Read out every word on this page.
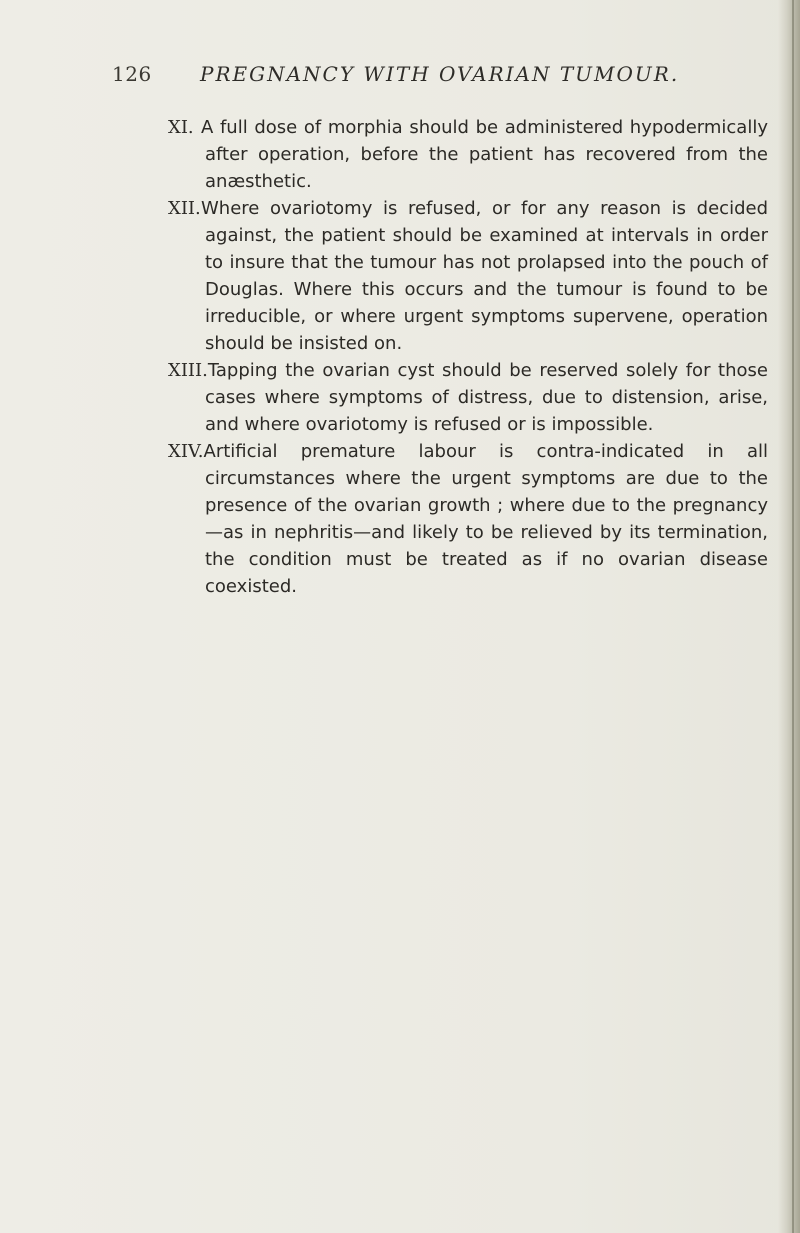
126 PREGNANCY WITH OVARIAN TUMOUR.

XI. A full dose of morphia should be administered hypodermically after operation, before the patient has recovered from the anæsthetic.

XII.Where ovariotomy is refused, or for any reason is decided against, the patient should be examined at intervals in order to insure that the tumour has not prolapsed into the pouch of Douglas. Where this occurs and the tumour is found to be irreducible, or where urgent symptoms supervene, operation should be insisted on.

XIII.Tapping the ovarian cyst should be reserved solely for those cases where symptoms of distress, due to distension, arise, and where ovariotomy is refused or is impossible.

XIV.Artificial premature labour is contra-indicated in all circumstances where the urgent symptoms are due to the presence of the ovarian growth ; where due to the pregnancy—as in nephritis—and likely to be relieved by its termination, the condition must be treated as if no ovarian disease coexisted.
